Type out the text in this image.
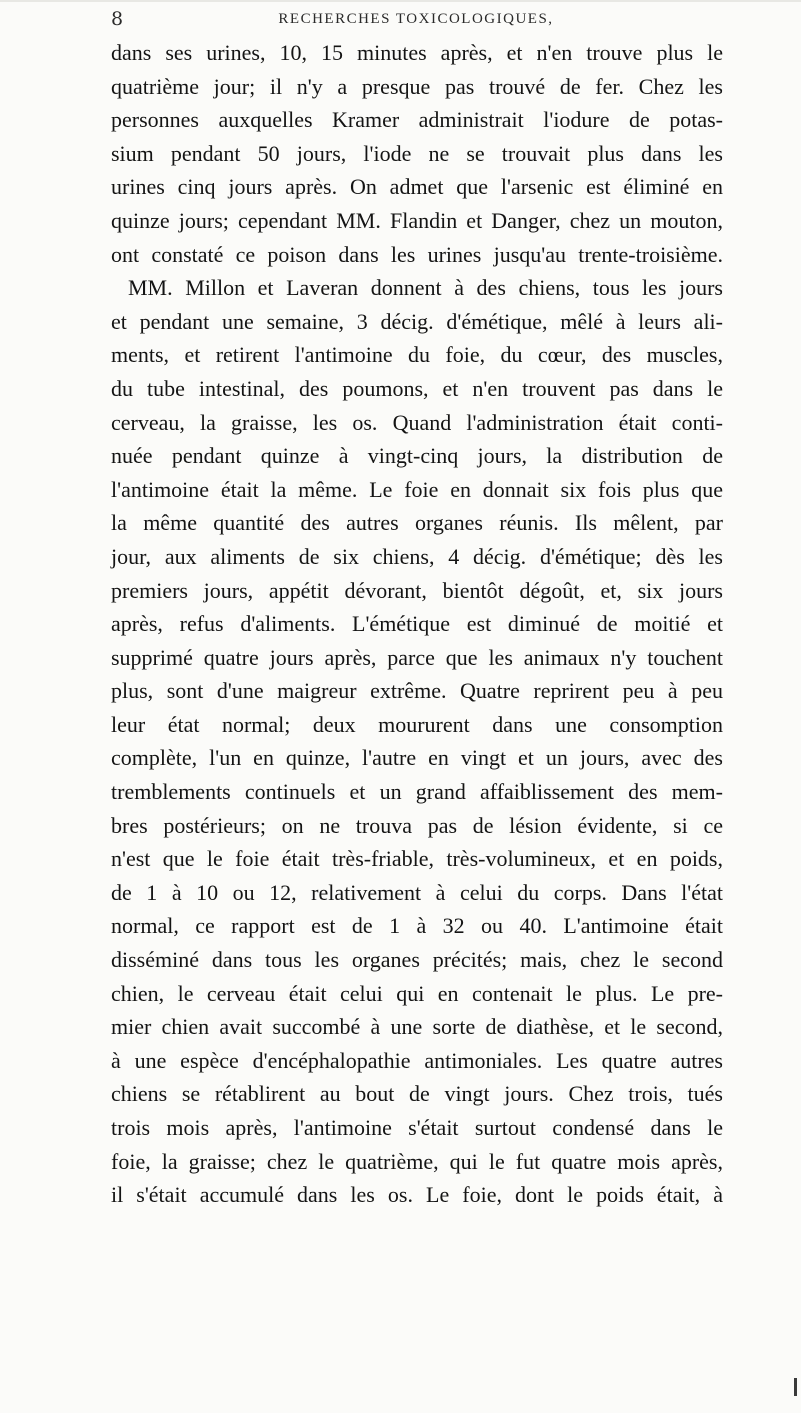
8	RECHERCHES TOXICOLOGIQUES,
dans ses urines, 10, 15 minutes après, et n'en trouve plus le
quatrième jour; il n'y a presque pas trouvé de fer. Chez les
personnes auxquelles Kramer administrait l'iodure de potas-
sium pendant 50 jours, l'iode ne se trouvait plus dans les
urines cinq jours après. On admet que l'arsenic est éliminé en
quinze jours; cependant MM. Flandin et Danger, chez un mouton,
ont constaté ce poison dans les urines jusqu'au trente-troisième.
MM. Millon et Laveran donnent à des chiens, tous les jours
et pendant une semaine, 3 décig. d'émétique, mêlé à leurs ali-
ments, et retirent l'antimoine du foie, du cœur, des muscles,
du tube intestinal, des poumons, et n'en trouvent pas dans le
cerveau, la graisse, les os. Quand l'administration était conti-
nuée pendant quinze à vingt-cinq jours, la distribution de
l'antimoine était la même. Le foie en donnait six fois plus que
la même quantité des autres organes réunis. Ils mêlent, par
jour, aux aliments de six chiens, 4 décig. d'émétique; dès les
premiers jours, appétit dévorant, bientôt dégoût, et, six jours
après, refus d'aliments. L'émétique est diminué de moitié et
supprimé quatre jours après, parce que les animaux n'y touchent
plus, sont d'une maigreur extrême. Quatre reprirent peu à peu
leur état normal; deux moururent dans une consomption
complète, l'un en quinze, l'autre en vingt et un jours, avec des
tremblements continuels et un grand affaiblissement des mem-
bres postérieurs; on ne trouva pas de lésion évidente, si ce
n'est que le foie était très-friable, très-volumineux, et en poids,
de 1 à 10 ou 12, relativement à celui du corps. Dans l'état
normal, ce rapport est de 1 à 32 ou 40. L'antimoine était
disséminé dans tous les organes précités; mais, chez le second
chien, le cerveau était celui qui en contenait le plus. Le pre-
mier chien avait succombé à une sorte de diathèse, et le second,
à une espèce d'encéphalopathie antimoniales. Les quatre autres
chiens se rétablirent au bout de vingt jours. Chez trois, tués
trois mois après, l'antimoine s'était surtout condensé dans le
foie, la graisse; chez le quatrième, qui le fut quatre mois après,
il s'était accumulé dans les os. Le foie, dont le poids était, à
